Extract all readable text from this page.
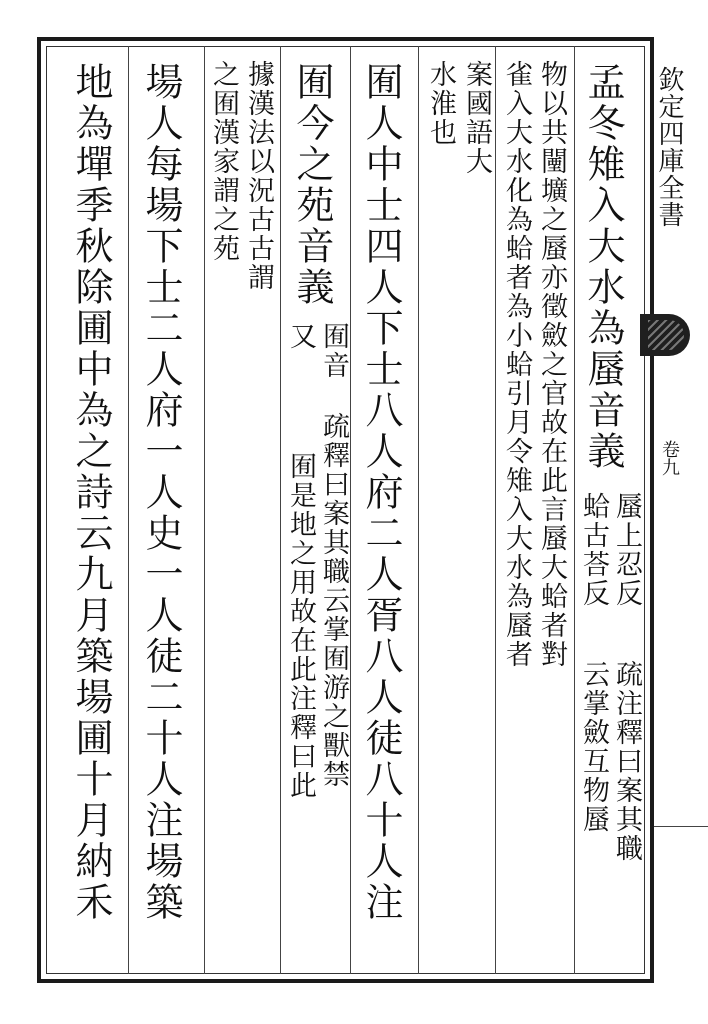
欽定四庫全書
卷九
孟冬雉入大水為蜃音義
蜃上忍反
蛤古荅反
疏注釋曰案其職
云掌斂互物蜃
物以共闉壙之蜃亦徵斂之官故在此言蜃大蛤者對
雀入大水化為蛤者為小蛤引月令雉入大水為蜃者
案國語大
水淮也
囿人中士四人下士八人府二人胥八人徒八十人注
囿今之苑音義
囿音
又
疏釋曰案其職云掌囿游之獸禁
囿是地之用故在此注釋曰此
據漢法以況古古謂
之囿漢家謂之苑
場人每場下士二人府一人史一人徒二十人注場築
地為墠季秋除圃中為之詩云九月築場圃十月納禾
